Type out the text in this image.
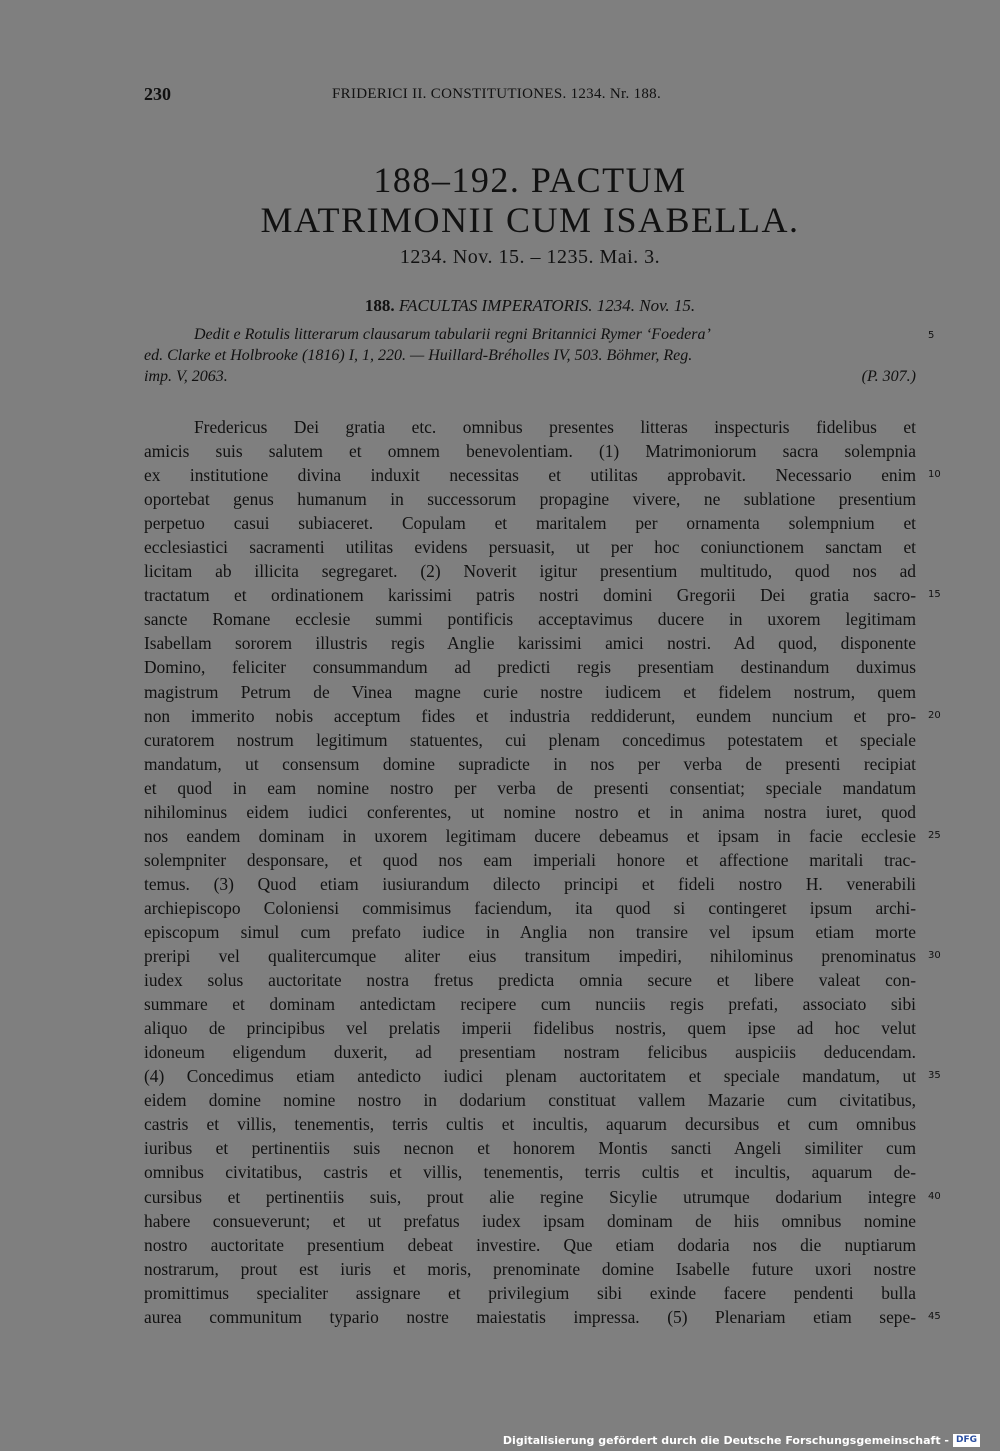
230	FRIDERICI II. CONSTITUTIONES. 1234. Nr. 188.
188–192. PACTUM
MATRIMONII CUM ISABELLA.
1234. Nov. 15. – 1235. Mai. 3.
188. FACULTAS IMPERATORIS. 1234. Nov. 15.
Dedit e Rotulis litterarum clausarum tabularii regni Britannici Rymer ‘Foedera’
ed. Clarke et Holbrooke (1816) I, 1, 220. — Huillard-Bréholles IV, 503. Böhmer, Reg.
imp. V, 2063.	(P. 307.)
5
Fredericus Dei gratia etc. omnibus presentes litteras inspecturis fidelibus et
amicis suis salutem et omnem benevolentiam. (1) Matrimoniorum sacra solempnia
ex institutione divina induxit necessitas et utilitas approbavit. Necessario enim
oportebat genus humanum in successorum propagine vivere, ne sublatione presentium
perpetuo casui subiaceret. Copulam et maritalem per ornamenta solempnium et
ecclesiastici sacramenti utilitas evidens persuasit, ut per hoc coniunctionem sanctam et
licitam ab illicita segregaret. (2) Noverit igitur presentium multitudo, quod nos ad
tractatum et ordinationem karissimi patris nostri domini Gregorii Dei gratia sacro-
sancte Romane ecclesie summi pontificis acceptavimus ducere in uxorem legitimam
Isabellam sororem illustris regis Anglie karissimi amici nostri. Ad quod, disponente
Domino, feliciter consummandum ad predicti regis presentiam destinandum duximus
magistrum Petrum de Vinea magne curie nostre iudicem et fidelem nostrum, quem
non immerito nobis acceptum fides et industria reddiderunt, eundem nuncium et pro-
curatorem nostrum legitimum statuentes, cui plenam concedimus potestatem et speciale
mandatum, ut consensum domine supradicte in nos per verba de presenti recipiat
et quod in eam nomine nostro per verba de presenti consentiat; speciale mandatum
nihilominus eidem iudici conferentes, ut nomine nostro et in anima nostra iuret, quod
nos eandem dominam in uxorem legitimam ducere debeamus et ipsam in facie ecclesie
solempniter desponsare, et quod nos eam imperiali honore et affectione maritali trac-
temus. (3) Quod etiam iusiurandum dilecto principi et fideli nostro H. venerabili
archiepiscopo Coloniensi commisimus faciendum, ita quod si contingeret ipsum archi-
episcopum simul cum prefato iudice in Anglia non transire vel ipsum etiam morte
preripi vel qualitercumque aliter eius transitum impediri, nihilominus prenominatus
iudex solus auctoritate nostra fretus predicta omnia secure et libere valeat con-
summare et dominam antedictam recipere cum nunciis regis prefati, associato sibi
aliquo de principibus vel prelatis imperii fidelibus nostris, quem ipse ad hoc velut
idoneum eligendum duxerit, ad presentiam nostram felicibus auspiciis deducendam.
(4) Concedimus etiam antedicto iudici plenam auctoritatem et speciale mandatum, ut
eidem domine nomine nostro in dodarium constituat vallem Mazarie cum civitatibus,
castris et villis, tenementis, terris cultis et incultis, aquarum decursibus et cum omnibus
iuribus et pertinentiis suis necnon et honorem Montis sancti Angeli similiter cum
omnibus civitatibus, castris et villis, tenementis, terris cultis et incultis, aquarum de-
cursibus et pertinentiis suis, prout alie regine Sicylie utrumque dodarium integre
habere consueverunt; et ut prefatus iudex ipsam dominam de hiis omnibus nomine
nostro auctoritate presentium debeat investire. Que etiam dodaria nos die nuptiarum
nostrarum, prout est iuris et moris, prenominate domine Isabelle future uxori nostre
promittimus specialiter assignare et privilegium sibi exinde facere pendenti bulla
aurea communitum typario nostre maiestatis impressa. (5) Plenariam etiam sepe-
10
15
20
25
30
35
40
45
Digitalisierung gefördert durch die Deutsche Forschungsgemeinschaft - DFG
